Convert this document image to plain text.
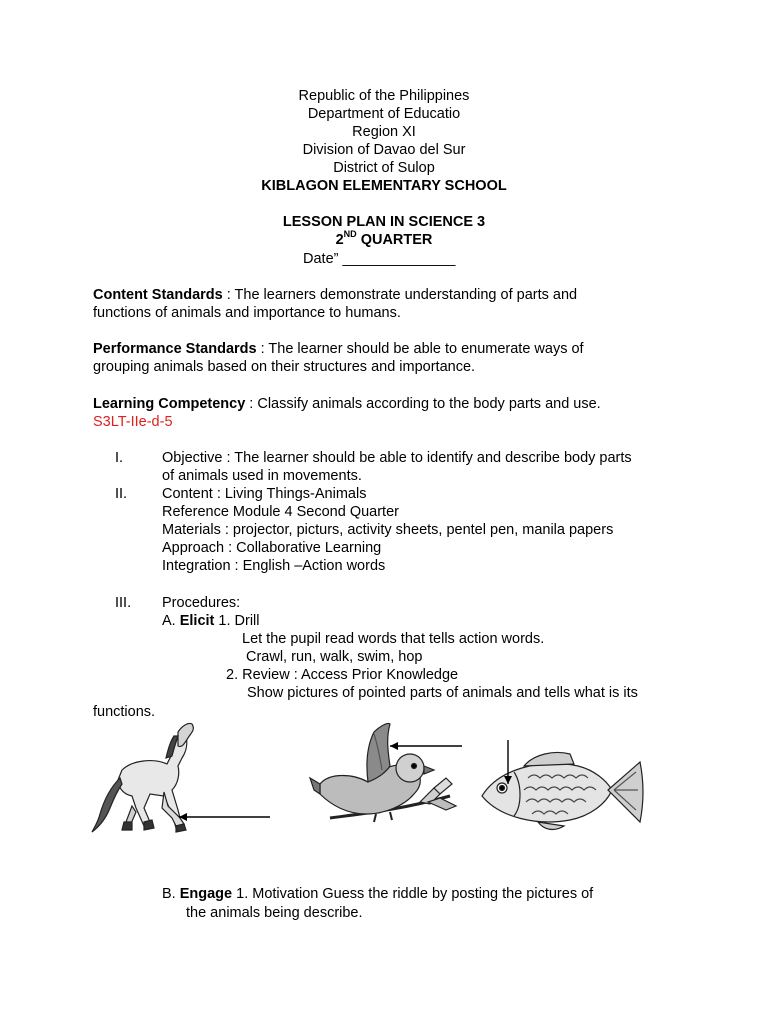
Republic of the Philippines
Department of Educatio
Region XI
Division of Davao del Sur
District of Sulop
KIBLAGON ELEMENTARY SCHOOL
LESSON PLAN IN SCIENCE 3
2ND QUARTER
Date” ______________
Content Standards : The learners demonstrate understanding of parts and
functions of animals and importance to humans.
Performance Standards : The learner should be able to enumerate ways of
grouping animals based on their structures and importance.
Learning Competency : Classify animals according to the body parts and use.
S3LT-IIe-d-5
I.	Objective : The learner should be able to identify and describe body parts
of animals used in movements.
II. Content : Living Things-Animals
Reference Module 4 Second Quarter
Materials : projector, picturs, activity sheets, pentel pen, manila papers
Approach : Collaborative Learning
Integration : English –Action words
III. Procedures:
A. Elicit 1. Drill
Let the pupil read words that tells action words.
Crawl, run, walk, swim, hop
2. Review : Access Prior Knowledge
Show pictures of pointed parts of animals and tells what is its
functions.
B. Engage 1. Motivation Guess the riddle by posting the pictures of
the animals being describe.
